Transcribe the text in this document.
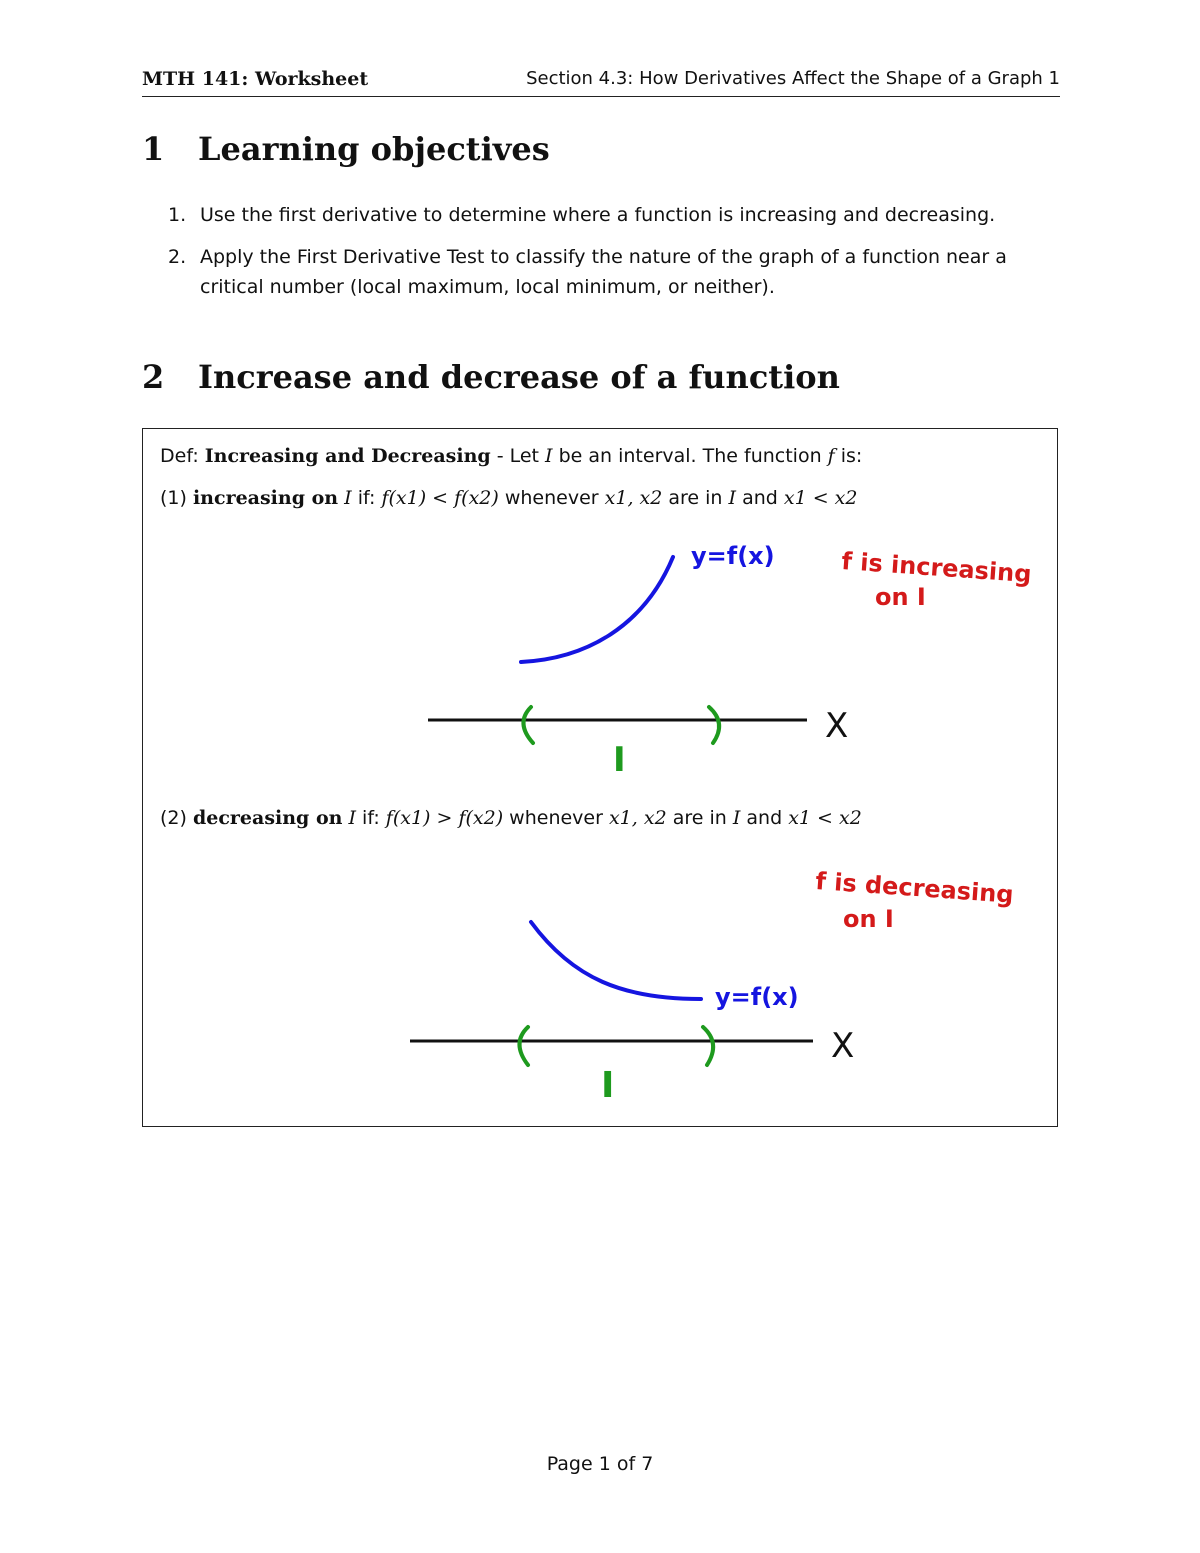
MTH 141: Worksheet	Section 4.3: How Derivatives Affect the Shape of a Graph 1
1 Learning objectives
1. Use the first derivative to determine where a function is increasing and decreasing.
2. Apply the First Derivative Test to classify the nature of the graph of a function near a critical number (local maximum, local minimum, or neither).
2 Increase and decrease of a function
Def: Increasing and Decreasing - Let I be an interval. The function f is:
(1) increasing on I if: f(x1) < f(x2) whenever x1, x2 are in I and x1 < x2
(2) decreasing on I if: f(x1) > f(x2) whenever x1, x2 are in I and x1 < x2
y=f(x)	f is increasing
on I
I
X
y=f(x)
f is decreasing
on I
I
X
Page 1 of 7
